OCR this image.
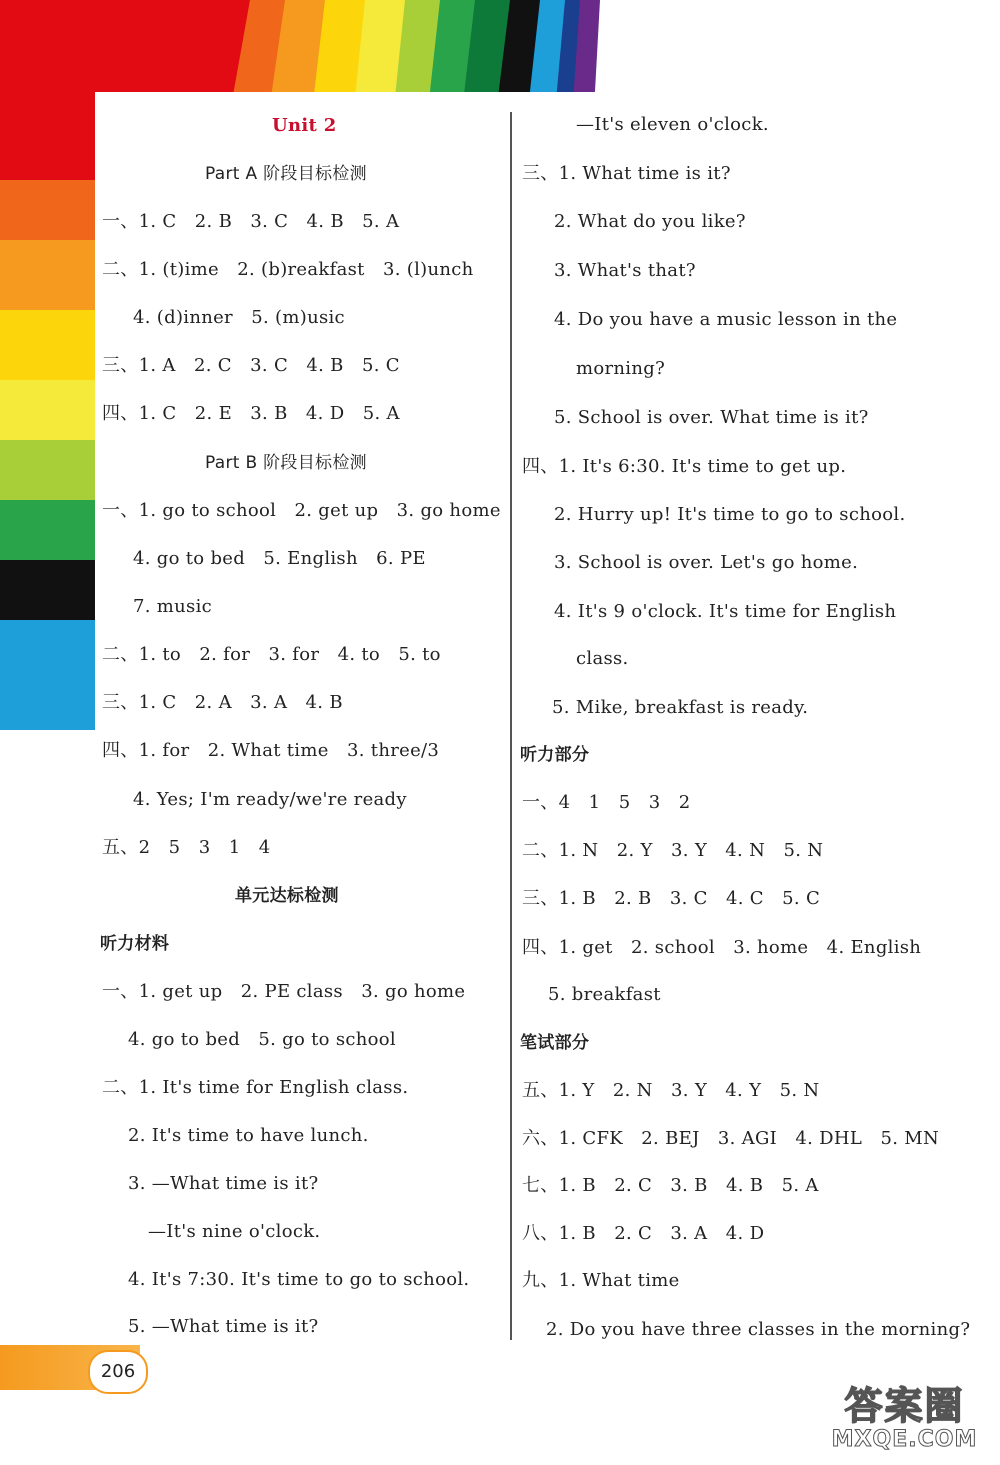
Unit 2
Part A 阶段目标检测
一、1. C　2. B　3. C　4. B　5. A
二、1. (t)ime　2. (b)reakfast　3. (l)unch
4. (d)inner　5. (m)usic
三、1. A　2. C　3. C　4. B　5. C
四、1. C　2. E　3. B　4. D　5. A
Part B 阶段目标检测
一、1. go to school　2. get up　3. go home
4. go to bed　5. English　6. PE
7. music
二、1. to　2. for　3. for　4. to　5. to
三、1. C　2. A　3. A　4. B
四、1. for　2. What time　3. three/3
4. Yes; I'm ready/we're ready
五、2　5　3　1　4
单元达标检测
听力材料
一、1. get up　2. PE class　3. go home
4. go to bed　5. go to school
二、1. It's time for English class.
2. It's time to have lunch.
3. —What time is it?
—It's nine o'clock.
4. It's 7:30. It's time to go to school.
5. —What time is it?
—It's eleven o'clock.
三、1. What time is it?
2. What do you like?
3. What's that?
4. Do you have a music lesson in the
morning?
5. School is over. What time is it?
四、1. It's 6:30. It's time to get up.
2. Hurry up! It's time to go to school.
3. School is over. Let's go home.
4. It's 9 o'clock. It's time for English
class.
5. Mike, breakfast is ready.
听力部分
一、4　1　5　3　2
二、1. N　2. Y　3. Y　4. N　5. N
三、1. B　2. B　3. C　4. C　5. C
四、1. get　2. school　3. home　4. English
5. breakfast
笔试部分
五、1. Y　2. N　3. Y　4. Y　5. N
六、1. CFK　2. BEJ　3. AGI　4. DHL　5. MN
七、1. B　2. C　3. B　4. B　5. A
八、1. B　2. C　3. A　4. D
九、1. What time
2. Do you have three classes in the morning?
206
答案圈
MXQE.COM
